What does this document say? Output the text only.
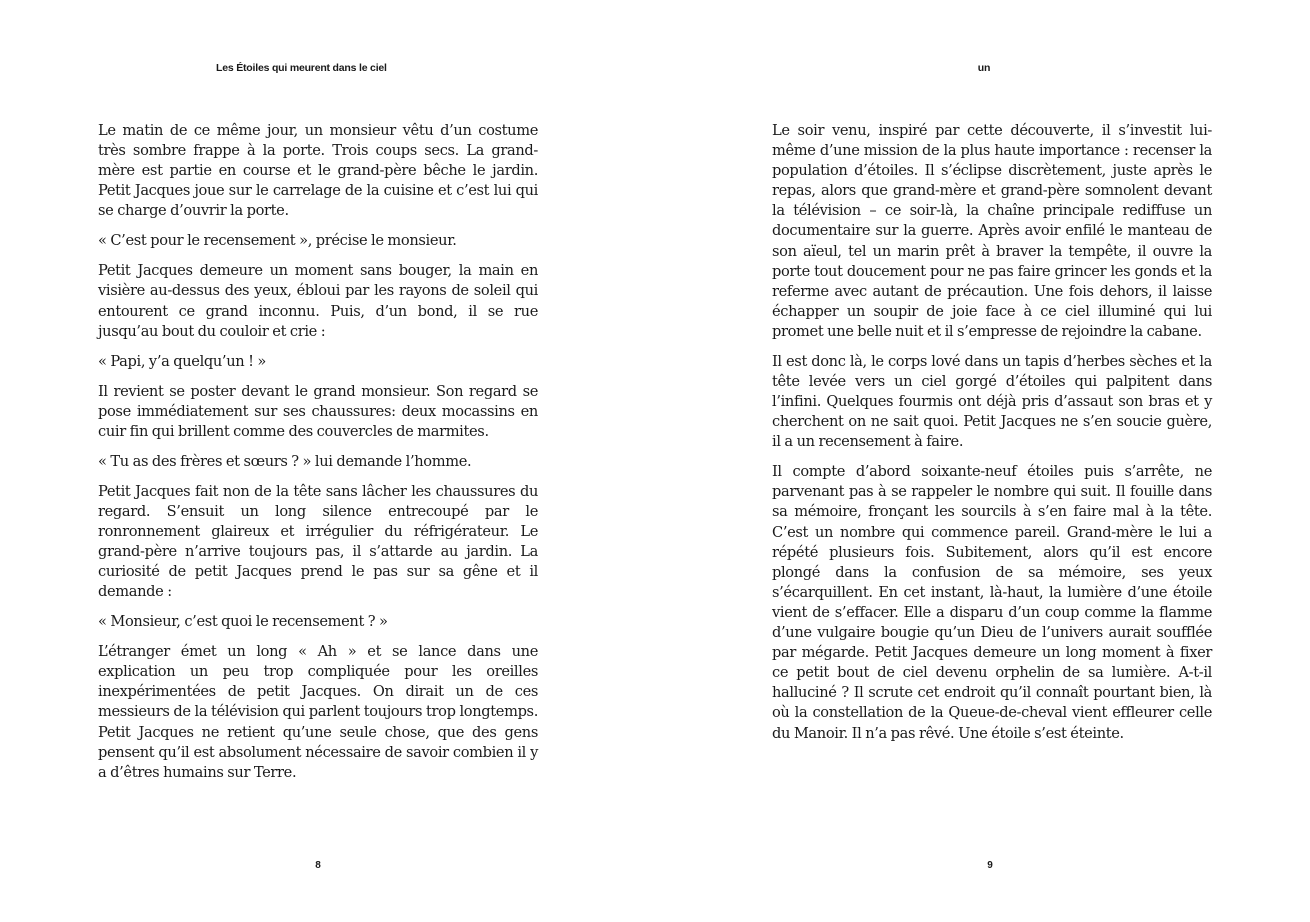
Les Étoiles qui meurent dans le ciel

Le matin de ce même jour, un monsieur vêtu d’un costume très sombre frappe à la porte. Trois coups secs. La grand-mère est partie en course et le grand-père bêche le jardin. Petit Jacques joue sur le carrelage de la cuisine et c’est lui qui se charge d’ouvrir la porte.

« C’est pour le recensement », précise le monsieur.

Petit Jacques demeure un moment sans bouger, la main en visière au-dessus des yeux, ébloui par les rayons de soleil qui entourent ce grand inconnu. Puis, d’un bond, il se rue jusqu’au bout du couloir et crie :

« Papi, y’a quelqu’un ! »

Il revient se poster devant le grand monsieur. Son regard se pose immédiatement sur ses chaussures: deux mocassins en cuir fin qui brillent comme des couvercles de marmites.

« Tu as des frères et sœurs ? » lui demande l’homme.

Petit Jacques fait non de la tête sans lâcher les chaussures du regard. S’ensuit un long silence entrecoupé par le ronronnement glaireux et irrégulier du réfrigérateur. Le grand-père n’arrive toujours pas, il s’attarde au jardin. La curiosité de petit Jacques prend le pas sur sa gêne et il demande :

« Monsieur, c’est quoi le recensement ? »

L’étranger émet un long « Ah » et se lance dans une explication un peu trop compliquée pour les oreilles inexpérimentées de petit Jacques. On dirait un de ces messieurs de la télévision qui parlent toujours trop longtemps. Petit Jacques ne retient qu’une seule chose, que des gens pensent qu’il est absolument nécessaire de savoir combien il y a d’êtres humains sur Terre.

8
un

Le soir venu, inspiré par cette découverte, il s’investit lui-même d’une mission de la plus haute importance : recenser la population d’étoiles. Il s’éclipse discrètement, juste après le repas, alors que grand-mère et grand-père somnolent devant la télévision – ce soir-là, la chaîne principale rediffuse un documentaire sur la guerre. Après avoir enfilé le manteau de son aïeul, tel un marin prêt à braver la tempête, il ouvre la porte tout doucement pour ne pas faire grincer les gonds et la referme avec autant de précaution. Une fois dehors, il laisse échapper un soupir de joie face à ce ciel illuminé qui lui promet une belle nuit et il s’empresse de rejoindre la cabane.

Il est donc là, le corps lové dans un tapis d’herbes sèches et la tête levée vers un ciel gorgé d’étoiles qui palpitent dans l’infini. Quelques fourmis ont déjà pris d’assaut son bras et y cherchent on ne sait quoi. Petit Jacques ne s’en soucie guère, il a un recensement à faire.

Il compte d’abord soixante-neuf étoiles puis s’arrête, ne parvenant pas à se rappeler le nombre qui suit. Il fouille dans sa mémoire, fronçant les sourcils à s’en faire mal à la tête. C’est un nombre qui commence pareil. Grand-mère le lui a répété plusieurs fois. Subitement, alors qu’il est encore plongé dans la confusion de sa mémoire, ses yeux s’écarquillent. En cet instant, là-haut, la lumière d’une étoile vient de s’effacer. Elle a disparu d’un coup comme la flamme d’une vulgaire bougie qu’un Dieu de l’univers aurait soufflée par mégarde. Petit Jacques demeure un long moment à fixer ce petit bout de ciel devenu orphelin de sa lumière. A-t-il halluciné ? Il scrute cet endroit qu’il connaît pourtant bien, là où la constellation de la Queue-de-cheval vient effleurer celle du Manoir. Il n’a pas rêvé. Une étoile s’est éteinte.

9
